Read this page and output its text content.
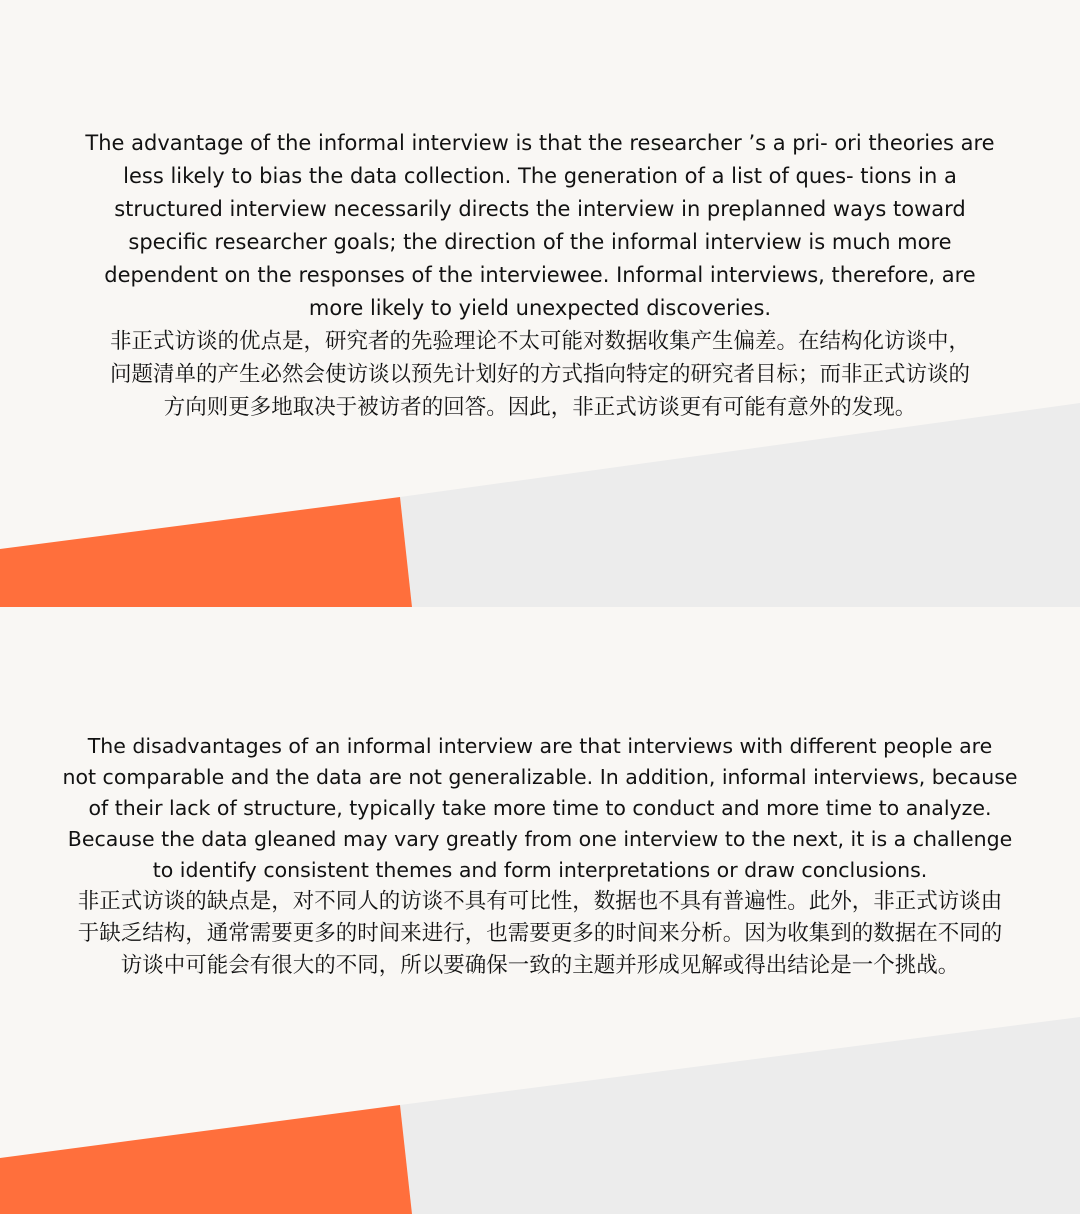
The advantage of the informal interview is that the researcher ’s a pri- ori theories are
less likely to bias the data collection. The generation of a list of ques- tions in a
structured interview necessarily directs the interview in preplanned ways toward
specific researcher goals; the direction of the informal interview is much more
dependent on the responses of the interviewee. Informal interviews, therefore, are
more likely to yield unexpected discoveries.

非正式访谈的优点是，研究者的先验理论不太可能对数据收集产生偏差。在结构化访谈中，
问题清单的产生必然会使访谈以预先计划好的方式指向特定的研究者目标；而非正式访谈的
方向则更多地取决于被访者的回答。因此，非正式访谈更有可能有意外的发现。

The disadvantages of an informal interview are that interviews with different people are
not comparable and the data are not generalizable. In addition, informal interviews, because
of their lack of structure, typically take more time to conduct and more time to analyze.
Because the data gleaned may vary greatly from one interview to the next, it is a challenge
to identify consistent themes and form interpretations or draw conclusions.

非正式访谈的缺点是，对不同人的访谈不具有可比性，数据也不具有普遍性。此外，非正式访谈由
于缺乏结构，通常需要更多的时间来进行，也需要更多的时间来分析。因为收集到的数据在不同的
访谈中可能会有很大的不同，所以要确保一致的主题并形成见解或得出结论是一个挑战。
